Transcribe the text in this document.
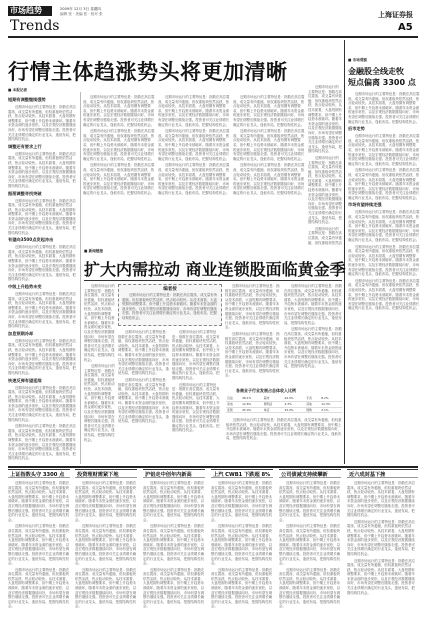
市场趋势
Trends
2009年 12月 3日 星期四
编辑 张 · 美编 张 · 校对 张	上海证券报
A5
行情主体趋涨势头将更加清晰
■ 本报记者
短期有调整继续强势

近期市场运行的主要特征是：指数在高位震荡，成交量有所萎缩，但权重板块依然活跃，热点轮动较快。从技术面看，大盘短期有调整要求，但中期上升趋势未被破坏。随着年末资金面的逐步宽松，以及宏观经济数据继续向好，市场有望在调整后继续走强。投资者可关注业绩增长确定的行业龙头，逢低布局，把握结构性机会。

调整还有要求上行

近期市场运行的主要特征是：指数在高位震荡，成交量有所萎缩，但权重板块依然活跃，热点轮动较快。从技术面看，大盘短期有调整要求，但中期上升趋势未被破坏。随着年末资金面的逐步宽松，以及宏观经济数据继续向好，市场有望在调整后继续走强。投资者可关注业绩增长确定的行业龙头，逢低布局，把握结构性机会。

振荡调整寻找突破

近期市场运行的主要特征是：指数在高位震荡，成交量有所萎缩，但权重板块依然活跃，热点轮动较快。从技术面看，大盘短期有调整要求，但中期上升趋势未被破坏。随着年末资金面的逐步宽松，以及宏观经济数据继续向好，市场有望在调整后继续走强。投资者可关注业绩增长确定的行业龙头，逢低布局，把握结构性机会。

有望向3500点发起冲击

近期市场运行的主要特征是：指数在高位震荡，成交量有所萎缩，但权重板块依然活跃，热点轮动较快。从技术面看，大盘短期有调整要求，但中期上升趋势未被破坏。随着年末资金面的逐步宽松，以及宏观经济数据继续向好，市场有望在调整后继续走强。投资者可关注业绩增长确定的行业龙头，逢低布局，把握结构性机会。

中级上升趋势未变

近期市场运行的主要特征是：指数在高位震荡，成交量有所萎缩，但权重板块依然活跃，热点轮动较快。从技术面看，大盘短期有调整要求，但中期上升趋势未被破坏。随着年末资金面的逐步宽松，以及宏观经济数据继续向好，市场有望在调整后继续走强。投资者可关注业绩增长确定的行业龙头，逢低布局，把握结构性机会。

加息预期冷却

近期市场运行的主要特征是：指数在高位震荡，成交量有所萎缩，但权重板块依然活跃，热点轮动较快。从技术面看，大盘短期有调整要求，但中期上升趋势未被破坏。随着年末资金面的逐步宽松，以及宏观经济数据继续向好，市场有望在调整后继续走强。投资者可关注业绩增长确定的行业龙头，逢低布局，把握结构性机会。

快速反弹有望延续

近期市场运行的主要特征是：指数在高位震荡，成交量有所萎缩，但权重板块依然活跃，热点轮动较快。从技术面看，大盘短期有调整要求，但中期上升趋势未被破坏。随着年末资金面的逐步宽松，以及宏观经济数据继续向好，市场有望在调整后继续走强。投资者可关注业绩增长确定的行业龙头，逢低布局，把握结构性机会。

近期市场运行的主要特征是：指数在高位震荡，成交量有所萎缩，但权重板块依然活跃，热点轮动较快。从技术面看，大盘短期有调整要求，但中期上升趋势未被破坏。随着年末资金面的逐步宽松，以及宏观经济数据继续向好，市场有望在调整后继续走强。投资者可关注业绩增长确定的行业龙头，逢低布局，把握结构性机会。

近期市场运行的主要特征是：指数在高位震荡，成交量有所萎缩，但权重板块依然活跃，热点轮动较快。从技术面看，大盘短期有调整要求，但中期上升趋势未被破坏。随着年末资金面的逐步宽松，以及宏观经济数据继续向好，市场有望在调整后继续走强。投资者可关注业绩增长确定的行业龙头，逢低布局，把握结构性机会。

近期市场运行的主要特征是：指数在高位震荡，成交量有所萎缩，但权重板块依然活跃，热点轮动较快。从技术面看，大盘短期有调整要求，但中期上升趋势未被破坏。随着年末资金面的逐步宽松，以及宏观经济数据继续向好，市场有望在调整后继续走强。投资者可关注业绩增长确定的行业龙头，逢低布局，把握结构性机会。

近期市场运行的主要特征是：指数在高位震荡，成交量有所萎缩，但权重板块依然活跃，热点轮动较快。从技术面看，大盘短期有调整要求，但中期上升趋势未被破坏。随着年末资金面的逐步宽松，以及宏观经济数据继续向好，市场有望在调整后继续走强。投资者可关注业绩增长确定的行业龙头，逢低布局，把握结构性机会。

近期市场运行的主要特征是：指数在高位震荡，成交量有所萎缩，但权重板块依然活跃，热点轮动较快。从技术面看，大盘短期有调整要求，但中期上升趋势未被破坏。随着年末资金面的逐步宽松，以及宏观经济数据继续向好，市场有望在调整后继续走强。投资者可关注业绩增长确定的行业龙头，逢低布局，把握结构性机会。

近期市场运行的主要特征是：指数在高位震荡，成交量有所萎缩，但权重板块依然活跃，热点轮动较快。从技术面看，大盘短期有调整要求，但中期上升趋势未被破坏。随着年末资金面的逐步宽松，以及宏观经济数据继续向好，市场有望在调整后继续走强。投资者可关注业绩增长确定的行业龙头，逢低布局，把握结构性机会。

近期市场运行的主要特征是：指数在高位震荡，成交量有所萎缩，但权重板块依然活跃，热点轮动较快。从技术面看，大盘短期有调整要求，但中期上升趋势未被破坏。随着年末资金面的逐步宽松，以及宏观经济数据继续向好，市场有望在调整后继续走强。投资者可关注业绩增长确定的行业龙头，逢低布局，把握结构性机会。

近期市场运行的主要特征是：指数在高位震荡，成交量有所萎缩，但权重板块依然活跃，热点轮动较快。从技术面看，大盘短期有调整要求，但中期上升趋势未被破坏。随着年末资金面的逐步宽松，以及宏观经济数据继续向好，市场有望在调整后继续走强。投资者可关注业绩增长确定的行业龙头，逢低布局，把握结构性机会。

近期市场运行的主要特征是：指数在高位震荡，成交量有所萎缩，但权重板块依然活跃，热点轮动较快。从技术面看，大盘短期有调整要求，但中期上升趋势未被破坏。随着年末资金面的逐步宽松，以及宏观经济数据继续向好，市场有望在调整后继续走强。投资者可关注业绩增长确定的行业龙头，逢低布局，把握结构性机会。

近期市场运行的主要特征是：指数在高位震荡，成交量有所萎缩，但权重板块依然活跃，热点轮动较快。从技术面看，大盘短期有调整要求，但中期上升趋势未被破坏。随着年末资金面的逐步宽松，以及宏观经济数据继续向好，市场有望在调整后继续走强。投资者可关注业绩增长确定的行业龙头，逢低布局，把握结构性机会。

近期市场运行的主要特征是：指数在高位震荡，成交量有所萎缩，但权重板块依然活跃，热点轮动较快。从技术面看，大盘短期有调整要求，但中期上升趋势未被破坏。随着年末资金面的逐步宽松，以及宏观经济数据继续向好，市场有望在调整后继续走强。投资者可关注业绩增长确定的行业龙头，逢低布局，把握结构性机会。

近期市场运行的主要特征是：指数在高位震荡，成交量有所萎缩，但权重板块依然活跃，热点轮动较快。从技术面看，大盘短期有调整要求，但中期上升趋势未被破坏。随着年末资金面的逐步宽松，以及宏观经济数据继续向好，市场有望在调整后继续走强。投资者可关注业绩增长确定的行业龙头，逢低布局，把握结构性机会。

近期市场运行的主要特征是：指数在高位震荡，成交量有所萎缩，但权重板块依然活

■ 市场观察
金融股全线走牧
短点偏离 3300 点

近期市场运行的主要特征是：指数在高位震荡，成交量有所萎缩，但权重板块依然活跃，热点轮动较快。从技术面看，大盘短期有调整要求，但中期上升趋势未被破坏。随着年末资金面的逐步宽松，以及宏观经济数据继续向好，市场有望在调整后继续走强。投资者可关注业绩增长确定的行业龙头，逢低布局，把握结构性机会。

后市走势

近期市场运行的主要特征是：指数在高位震荡，成交量有所萎缩，但权重板块依然活跃，热点轮动较快。从技术面看，大盘短期有调整要求，但中期上升趋势未被破坏。随着年末资金面的逐步宽松，以及宏观经济数据继续向好，市场有望在调整后继续走强。投资者可关注业绩增长确定的行业龙头，逢低布局，把握结构性机会。

近期市场运行的主要特征是：指数在高位震荡，成交量有所萎缩，但权重板块依然活跃，热点轮动较快。从技术面看，大盘短期有调整要求，但中期上升趋势未被破坏。随着年末资金面的逐步宽松，以及宏观经济数据继续向好，市场有望在调整后继续走强。投资者可关注业绩增长确定的行业龙头，逢低布局，把握结构性机会。

市场有望持续走强

近期市场运行的主要特征是：指数在高位震荡，成交量有所萎缩，但权重板块依然活跃，热点轮动较快。从技术面看，大盘短期有调整要求，但中期上升趋势未被破坏。随着年末资金面的逐步宽松，以及宏观经济数据继续向好，市场有望在调整后继续走强。投资者可关注业绩增长确定的行业龙头，逢低布局，把握结构性机会。

近期市场运行的主要特征是：指数在高位震荡，成交量有所萎缩，但权重板块依然活跃，热点轮动较快。从技术面看，大盘短期有调整要求，但中期上升趋势未被破坏。随着年末资金面的逐步宽松，以及宏观经济数据继续向好，市场有望在调整后继续走强。投资者可关注业绩增长确定的行业龙头，逢低布局，把握结构性机会。

近期市场运行的主要特征是：指数在高位震荡，成交量有所萎缩，但权重板块依然活跃，热点轮动较快。从技术面看，大盘短期有调整要求，但中期上升趋势未被破坏。随着年末资金面的逐步宽松，以及宏观经济数据继续向好，市场有望在调整后继续走强。投资者可关注业绩增长确定的行业龙头，逢低布局，把握结构性机会。

■ 新闻链接
扩大内需拉动 商业连锁股面临黄金季
编者按

近期市场运行的主要特征是：指数在高位震荡，成交量有所萎缩，但权重板块依然活跃，热点轮动较快。从技术面看，大盘短期有调整要求，但中期上升趋势未被破坏。随着年末资金面的逐步宽松，以及宏观经济数据继续向好，市场有望在调整后继续走强。投资者可关注业绩增长确定的行业龙头，逢低布局，把握结构性机会。

近期市场运行的主要特征是：指数在高位震荡，成交量有所萎缩，但权重板块依然活跃，热点轮动较快。从技术面看，大盘短期有调整要求，但中期上升趋势未被破坏。随着年末资金面的逐步宽松，以及宏观经济数据继续向好，市场有望在调整后继续走强。投资者可关注业绩增长确定的行业龙头，逢低布局，把握结构性机会。

近期市场运行的主要特征是：指数在高位震荡，成交量有所萎缩，但权重板块依然活跃，热点轮动较快。从技术面看，大盘短期有调整要求，但中期上升趋势未被破坏。随着年末资金面的逐步宽松，以及宏观经济数据继续向好，市场有望在调整后继续走强。投资者可关注业绩增长确定的行业龙头，逢低布局，把握结构性机会。

近期市场运行的主要特征是：指数在高位震荡，成交量有所萎缩，但权重板块依然活跃，热点轮动较快。从技术面看，大盘短期有调整要求，但中期上升趋势未被破坏。随着年末资金面的逐步宽松，以及宏观经济数据继续向好，市场有望在调整后继续走强。投资者可关注业绩增长确定的行业龙头，逢低布局，把握结构性机会。

近期市场运行的主要特征是：指数在高位震荡，成交量有所萎缩，但权重板块依然活跃，热点轮动较快。从技术面看，大盘短期有调整要求，但中期上升趋势未被破坏。随着年末资金面的逐步宽松，以及宏观经济数据继续向好，市场有望在调整后继续走强。投资者可关注业绩增长确定的行业龙头，逢低布局，把握结构性机会。

近期市场运行的主要特征是：指数在高位震荡，成交量有所萎缩，但权重板块依然活跃，热点轮动较快。从技术面看，大盘短期有调整要求，但中期上升趋势未被破坏。随着年末资金面的逐步宽松，以及宏观经济数据继续向好，市场有望在调整后继续走强。投资者可关注业绩增长确定的行业龙头，逢低布局，把握结构性机会。

近期市场运行的主要特征是：指数在高位震荡，成交量有所萎缩，但权重板块依然活跃，热点轮动较快。从技术面看，大盘短期有调整要求，但中期上升趋势未被破坏。随着年末资金面的逐步宽松，以及宏观经济数据继续向好，市场有望在调整后继续走强。投资者可关注业绩增长确定的行业龙头，逢低布局，把握结构性机会。

近期市场运行的主要特征是：指数在高位震荡，成交量有所萎缩，但权重板块依然活跃，热点轮动较快。从技术面看，大盘短期有调整要求，但中期上升趋势未被破坏。随着年末资金面的逐步宽松，以及宏观经济数据继续向好，市场有望在调整后继续走强。投资者可关注业绩增长确定的行业龙头，逢低布局，把握结构性机会。

近期市场运行的主要特征是：指数在高位震荡，成交量有所萎缩，但权重板块依然活跃，热点轮动较快。从技术面看，大盘短期有调整要求，但中期上升趋势未被破坏。随着年末资金面的逐步宽松，以及宏观经济数据继续向好，市场有望在调整后继续走强。投资者可关注业绩增长确定的行业龙头，逢低布局，把握结构性机会。

近期市场运行的主要特征是：指数在高位震荡，成交量有所萎缩，但权重板块依然活跃，热点轮动较快。从技术面看，大盘短期有调整要求，但中期上升趋势未被破坏。随着年末资金面的逐步宽松，以及宏观经济数据继续向好，市场有望在调整后继续走强。投资者可关注业绩增长确定的行业龙头，逢低布局，把握结构性机会。

近期市场运行的主要特征是：指数在高位震荡，成交量有所萎缩，但权重板块依然活跃，热点轮动较快。从技术面看，大盘短期有调整要求，但中期上升趋势未被破坏。随着年末资金面的逐步宽松，以及宏观经济数据继续向好，市场有望在调整后继续走强。投资者可关注业绩增长确定的行业龙头，逢低布局，把握结构性机会。

各商业子行业发展占总体收入比例
百货	38.1%	超市	24.5%	专卖	8.2%
家电	12.6%	便利店	4.3%	其他	12.3%
连锁	45.0%	单店	33.0%	网购	2.1%

近期市场运行的主要特征是：指数在高位震荡，成交量有所萎缩，但权重板块依然活跃，热点轮动较快。从技术面看，大盘短期有调整要求，但中期上升趋势未被破坏。随着年末资金面的逐步宽松，以及宏观经济数据继续向好，市场有望在调整后继续走强。投资者可关注业绩增长确定的行业龙头，逢低布局，把握结构性机会。

上证指数头守 3300 点

近期市场运行的主要特征是：指数在高位震荡，成交量有所萎缩，但权重板块依然活跃，热点轮动较快。从技术面看，大盘短期有调整要求，但中期上升趋势未被破坏。随着年末资金面的逐步宽松，以及宏观经济数据继续向好，市场有望在调整后继续走强。投资者可关注业绩增长确定的行业龙头，逢低布局，把握结构性机会。

近期市场运行的主要特征是：指数在高位震荡，成交量有所萎缩，但权重板块依然活跃，热点轮动较快。从技术面看，大盘短期有调整要求，但中期上升趋势未被破坏。随着年末资金面的逐步宽松，以及宏观经济数据继续向好，市场有望在调整后继续走强。投资者可关注业绩增长确定的行业龙头，逢低布局，把握结构性机会。

近期市场运行的主要特征是：指数在高位震荡，成交量有所萎缩，但权重板块依然活跃，热点轮动较快。从技术面看，大盘短期有调整要求，但中期上升趋势未被破坏。随着年末资金面的逐步宽松，以及宏观经济数据继续向好，市场有望在调整后继续走强。投资者可关注业绩增长确定的行业龙头，逢低布局，把握结构性机会。

投资理财需紧下地

近期市场运行的主要特征是：指数在高位震荡，成交量有所萎缩，但权重板块依然活跃，热点轮动较快。从技术面看，大盘短期有调整要求，但中期上升趋势未被破坏。随着年末资金面的逐步宽松，以及宏观经济数据继续向好，市场有望在调整后继续走强。投资者可关注业绩增长确定的行业龙头，逢低布局，把握结构性机会。

近期市场运行的主要特征是：指数在高位震荡，成交量有所萎缩，但权重板块依然活跃，热点轮动较快。从技术面看，大盘短期有调整要求，但中期上升趋势未被破坏。随着年末资金面的逐步宽松，以及宏观经济数据继续向好，市场有望在调整后继续走强。投资者可关注业绩增长确定的行业龙头，逢低布局，把握结构性机会。

近期市场运行的主要特征是：指数在高位震荡，成交量有所萎缩，但权重板块依然活跃，热点轮动较快。从技术面看，大盘短期有调整要求，但中期上升趋势未被破坏。随着年末资金面的逐步宽松，以及宏观经济数据继续向好，市场有望在调整后继续走强。投资者可关注业绩增长确定的行业龙头，逢低布局，把握结构性机会。

沪铝走中创年内新高

近期市场运行的主要特征是：指数在高位震荡，成交量有所萎缩，但权重板块依然活跃，热点轮动较快。从技术面看，大盘短期有调整要求，但中期上升趋势未被破坏。随着年末资金面的逐步宽松，以及宏观经济数据继续向好，市场有望在调整后继续走强。投资者可关注业绩增长确定的行业龙头，逢低布局，把握结构性机会。

近期市场运行的主要特征是：指数在高位震荡，成交量有所萎缩，但权重板块依然活跃，热点轮动较快。从技术面看，大盘短期有调整要求，但中期上升趋势未被破坏。随着年末资金面的逐步宽松，以及宏观经济数据继续向好，市场有望在调整后继续走强。投资者可关注业绩增长确定的行业龙头，逢低布局，把握结构性机会。

近期市场运行的主要特征是：指数在高位震荡，成交量有所萎缩，但权重板块依然活跃，热点轮动较快。从技术面看，大盘短期有调整要求，但中期上升趋势未被破坏。随着年末资金面的逐步宽松，以及宏观经济数据继续向好，市场有望在调整后继续走强。投资者可关注业绩增长确定的行业龙头，逢低布局，把握结构性机会。

上汽 CWB1 下跌超 8%

近期市场运行的主要特征是：指数在高位震荡，成交量有所萎缩，但权重板块依然活跃，热点轮动较快。从技术面看，大盘短期有调整要求，但中期上升趋势未被破坏。随着年末资金面的逐步宽松，以及宏观经济数据继续向好，市场有望在调整后继续走强。投资者可关注业绩增长确定的行业龙头，逢低布局，把握结构性机会。

近期市场运行的主要特征是：指数在高位震荡，成交量有所萎缩，但权重板块依然活跃，热点轮动较快。从技术面看，大盘短期有调整要求，但中期上升趋势未被破坏。随着年末资金面的逐步宽松，以及宏观经济数据继续向好，市场有望在调整后继续走强。投资者可关注业绩增长确定的行业龙头，逢低布局，把握结构性机会。

近期市场运行的主要特征是：指数在高位震荡，成交量有所萎缩，但权重板块依然活跃，热点轮动较快。从技术面看，大盘短期有调整要求，但中期上升趋势未被破坏。随着年末资金面的逐步宽松，以及宏观经济数据继续向好，市场有望在调整后继续走强。投资者可关注业绩增长确定的行业龙头，逢低布局，把握结构性机会。

公司债减支持续攀新

近期市场运行的主要特征是：指数在高位震荡，成交量有所萎缩，但权重板块依然活跃，热点轮动较快。从技术面看，大盘短期有调整要求，但中期上升趋势未被破坏。随着年末资金面的逐步宽松，以及宏观经济数据继续向好，市场有望在调整后继续走强。投资者可关注业绩增长确定的行业龙头，逢低布局，把握结构性机会。

近期市场运行的主要特征是：指数在高位震荡，成交量有所萎缩，但权重板块依然活跃，热点轮动较快。从技术面看，大盘短期有调整要求，但中期上升趋势未被破坏。随着年末资金面的逐步宽松，以及宏观经济数据继续向好，市场有望在调整后继续走强。投资者可关注业绩增长确定的行业龙头，逢低布局，把握结构性机会。

近期市场运行的主要特征是：指数在高位震荡，成交量有所萎缩，但权重板块依然活跃，热点轮动较快。从技术面看，大盘短期有调整要求，但中期上升趋势未被破坏。随着年末资金面的逐步宽松，以及宏观经济数据继续向好，市场有望在调整后继续走强。投资者可关注业绩增长确定的行业龙头，逢低布局，把握结构性机会。

近六成封基下挫

近期市场运行的主要特征是：指数在高位震荡，成交量有所萎缩，但权重板块依然活跃，热点轮动较快。从技术面看，大盘短期有调整要求，但中期上升趋势未被破坏。随着年末资金面的逐步宽松，以及宏观经济数据继续向好，市场有望在调整后继续走强。投资者可关注业绩增长确定的行业龙头，逢低布局，把握结构性机会。

近期市场运行的主要特征是：指数在高位震荡，成交量有所萎缩，但权重板块依然活跃，热点轮动较快。从技术面看，大盘短期有调整要求，但中期上升趋势未被破坏。随着年末资金面的逐步宽松，以及宏观经济数据继续向好，市场有望在调整后继续走强。投资者可关注业绩增长确定的行业龙头，逢低布局，把握结构性机会。

近期市场运行的主要特征是：指数在高位震荡，成交量有所萎缩，但权重板块依然活跃，热点轮动较快。从技术面看，大盘短期有调整要求，但中期上升趋势未被破坏。随着年末资金面的逐步宽松，以及宏观经济数据继续向好，市场有望在调整后继续走强。投资者可关注业绩增长确定的行业龙头，逢低布局，把握结构性机会。
